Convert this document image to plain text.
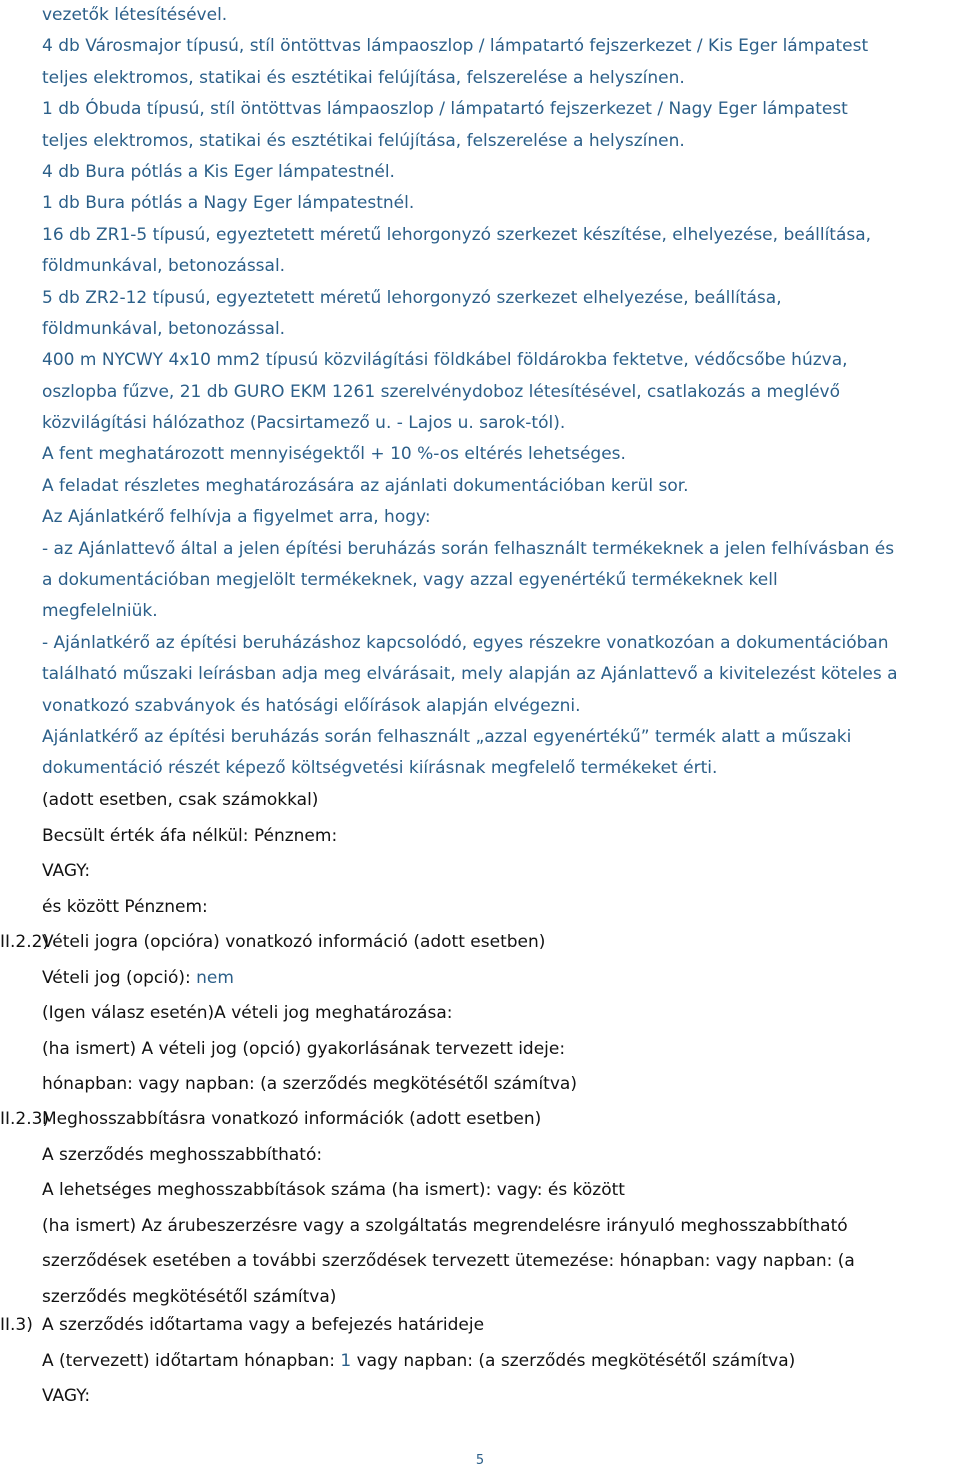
vezetők létesítésével.
4 db Városmajor típusú, stíl öntöttvas lámpaoszlop / lámpatartó fejszerkezet / Kis Eger lámpatest
teljes elektromos, statikai és esztétikai felújítása, felszerelése a helyszínen.
1 db Óbuda típusú, stíl öntöttvas lámpaoszlop / lámpatartó fejszerkezet / Nagy Eger lámpatest
teljes elektromos, statikai és esztétikai felújítása, felszerelése a helyszínen.
4 db Bura pótlás a Kis Eger lámpatestnél.
1 db Bura pótlás a Nagy Eger lámpatestnél.
16 db ZR1-5 típusú, egyeztetett méretű lehorgonyzó szerkezet készítése, elhelyezése, beállítása,
földmunkával, betonozással.
5 db ZR2-12 típusú, egyeztetett méretű lehorgonyzó szerkezet elhelyezése, beállítása,
földmunkával, betonozással.
400 m NYCWY 4x10 mm2 típusú közvilágítási földkábel földárokba fektetve, védőcsőbe húzva,
oszlopba fűzve, 21 db GURO EKM 1261 szerelvénydoboz létesítésével, csatlakozás a meglévő
közvilágítási hálózathoz (Pacsirtamező u. - Lajos u. sarok-tól).
A fent meghatározott mennyiségektől + 10 %-os eltérés lehetséges.
A feladat részletes meghatározására az ajánlati dokumentációban kerül sor.
Az Ajánlatkérő felhívja a figyelmet arra, hogy:
- az Ajánlattevő által a jelen építési beruházás során felhasznált termékeknek a jelen felhívásban és
a dokumentációban megjelölt termékeknek, vagy azzal egyenértékű termékeknek kell
megfelelniük.
- Ajánlatkérő az építési beruházáshoz kapcsolódó, egyes részekre vonatkozóan a dokumentációban
található műszaki leírásban adja meg elvárásait, mely alapján az Ajánlattevő a kivitelezést köteles a
vonatkozó szabványok és hatósági előírások alapján elvégezni.
Ajánlatkérő az építési beruházás során felhasznált „azzal egyenértékű” termék alatt a műszaki
dokumentáció részét képező költségvetési kiírásnak megfelelő termékeket érti.
(adott esetben, csak számokkal)
Becsült érték áfa nélkül: Pénznem:
VAGY:
és között Pénznem:
II.2.2)
Vételi jogra (opcióra) vonatkozó információ (adott esetben)
Vételi jog (opció): nem
(Igen válasz esetén)A vételi jog meghatározása:
(ha ismert) A vételi jog (opció) gyakorlásának tervezett ideje:
hónapban: vagy napban: (a szerződés megkötésétől számítva)
II.2.3)
Meghosszabbításra vonatkozó információk (adott esetben)
A szerződés meghosszabbítható:
A lehetséges meghosszabbítások száma (ha ismert): vagy: és között
(ha ismert) Az árubeszerzésre vagy a szolgáltatás megrendelésre irányuló meghosszabbítható
szerződések esetében a további szerződések tervezett ütemezése: hónapban: vagy napban: (a
szerződés megkötésétől számítva)
II.3) A szerződés időtartama vagy a befejezés határideje
A (tervezett) időtartam hónapban: 1 vagy napban: (a szerződés megkötésétől számítva)
VAGY:
5
